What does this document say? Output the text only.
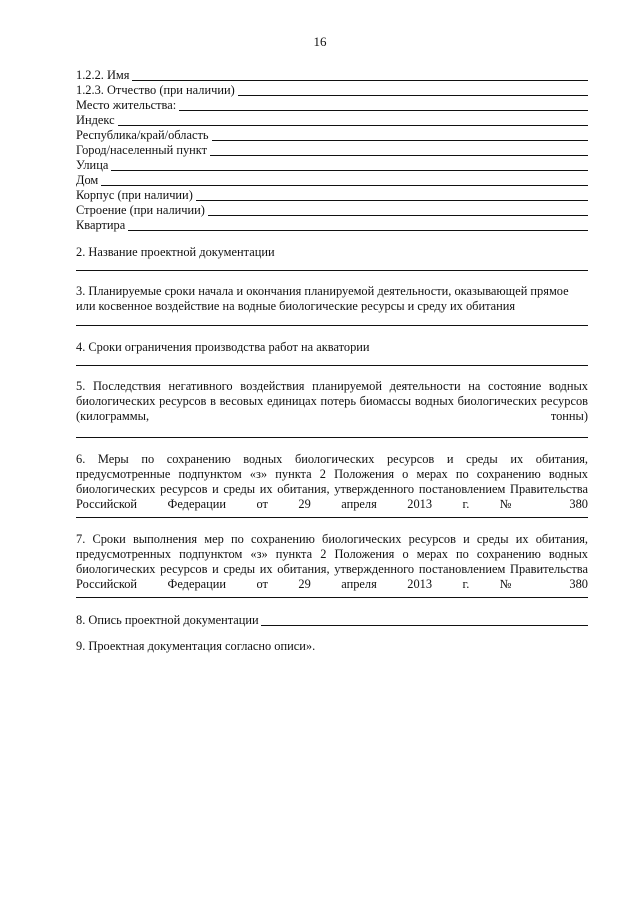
16
1.2.2. Имя
1.2.3. Отчество (при наличии)
Место жительства:
Индекс
Республика/край/область
Город/населенный пункт
Улица
Дом
Корпус (при наличии)
Строение (при наличии)
Квартира

2. Название проектной документации

3. Планируемые сроки начала и окончания планируемой деятельности, оказывающей прямое или косвенное воздействие на водные биологические ресурсы и среду их обитания

4. Сроки ограничения производства работ на акватории

5. Последствия негативного воздействия планируемой деятельности на состояние водных биологических ресурсов в весовых единицах потерь биомассы водных биологических ресурсов (килограммы, тонны)

6. Меры по сохранению водных биологических ресурсов и среды их обитания, предусмотренные подпунктом «з» пункта 2 Положения о мерах по сохранению водных биологических ресурсов и среды их обитания, утвержденного постановлением Правительства Российской Федерации от 29 апреля 2013 г. № 380

7. Сроки выполнения мер по сохранению биологических ресурсов и среды их обитания, предусмотренных подпунктом «з» пункта 2 Положения о мерах по сохранению водных биологических ресурсов и среды их обитания, утвержденного постановлением Правительства Российской Федерации от 29 апреля 2013 г. № 380

8. Опись проектной документации

9. Проектная документация согласно описи».
